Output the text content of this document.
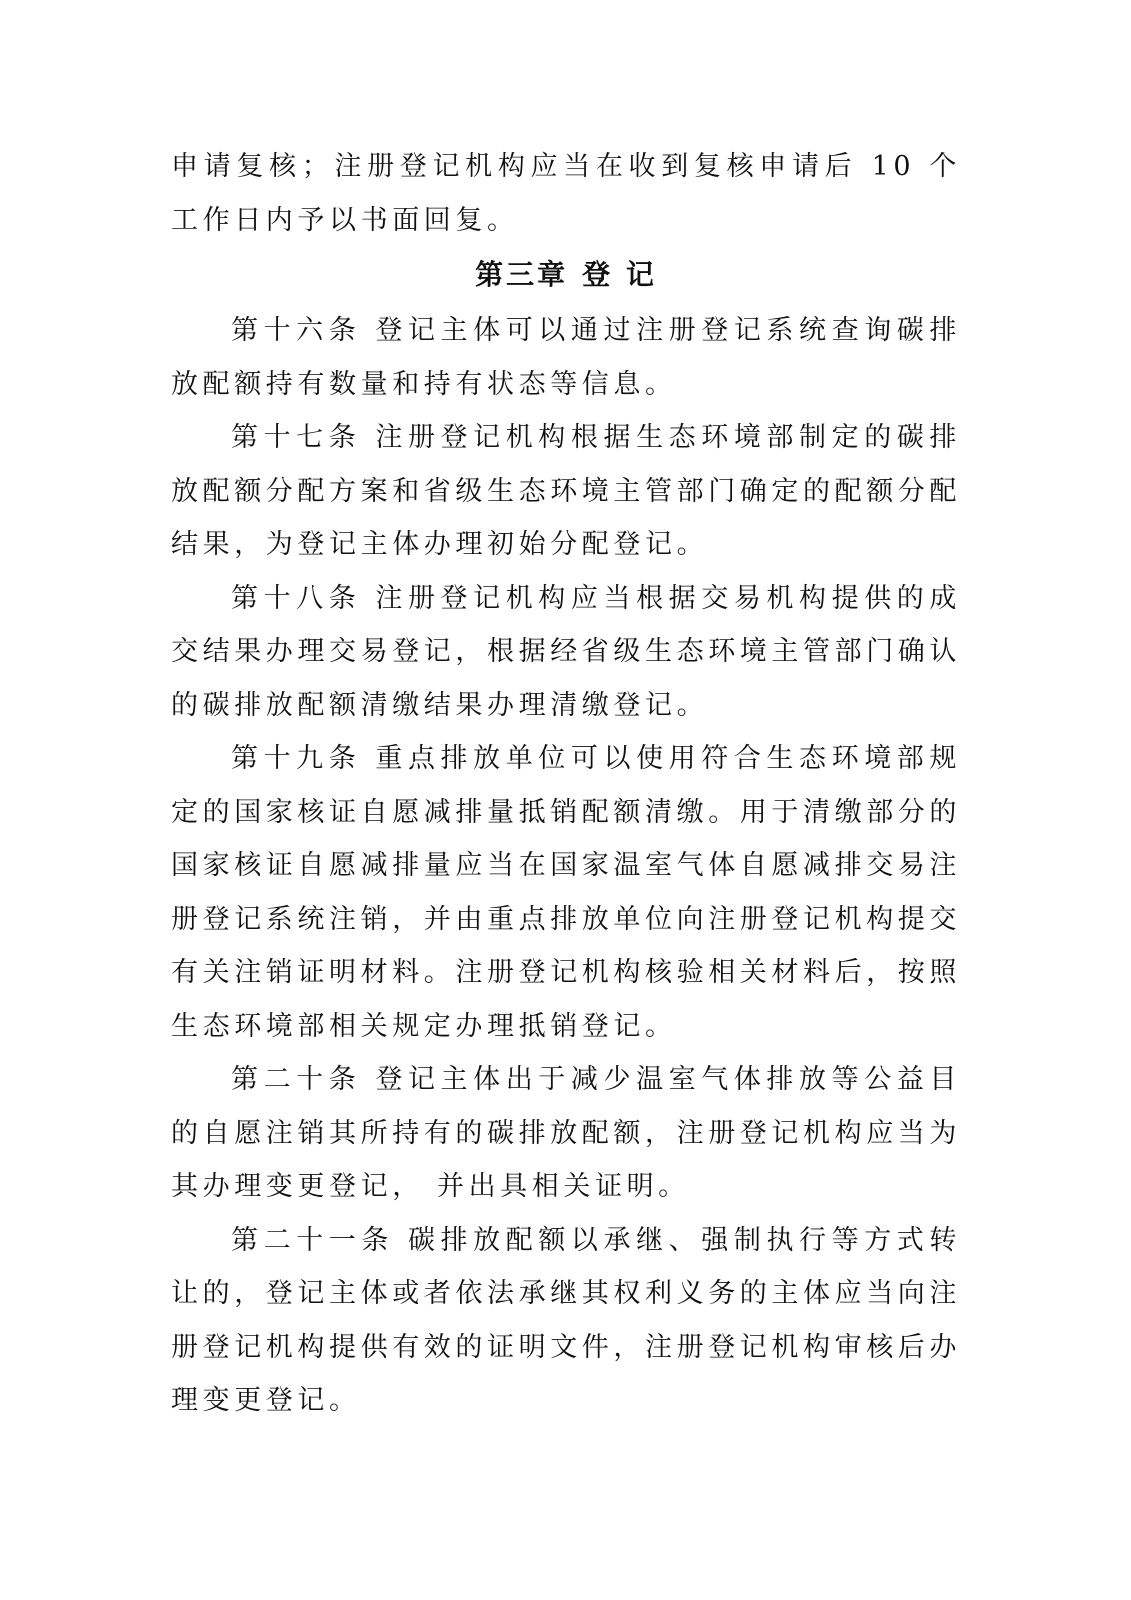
申请复核；注册登记机构应当在收到复核申请后 10 个工作日内予以书面回复。

第三章 登 记

第十六条 登记主体可以通过注册登记系统查询碳排放配额持有数量和持有状态等信息。

第十七条 注册登记机构根据生态环境部制定的碳排放配额分配方案和省级生态环境主管部门确定的配额分配结果，为登记主体办理初始分配登记。

第十八条 注册登记机构应当根据交易机构提供的成交结果办理交易登记，根据经省级生态环境主管部门确认的碳排放配额清缴结果办理清缴登记。

第十九条 重点排放单位可以使用符合生态环境部规定的国家核证自愿减排量抵销配额清缴。用于清缴部分的国家核证自愿减排量应当在国家温室气体自愿减排交易注册登记系统注销，并由重点排放单位向注册登记机构提交有关注销证明材料。注册登记机构核验相关材料后，按照生态环境部相关规定办理抵销登记。

第二十条 登记主体出于减少温室气体排放等公益目的自愿注销其所持有的碳排放配额，注册登记机构应当为其办理变更登记， 并出具相关证明。

第二十一条 碳排放配额以承继、强制执行等方式转让的，登记主体或者依法承继其权利义务的主体应当向注册登记机构提供有效的证明文件，注册登记机构审核后办理变更登记。
